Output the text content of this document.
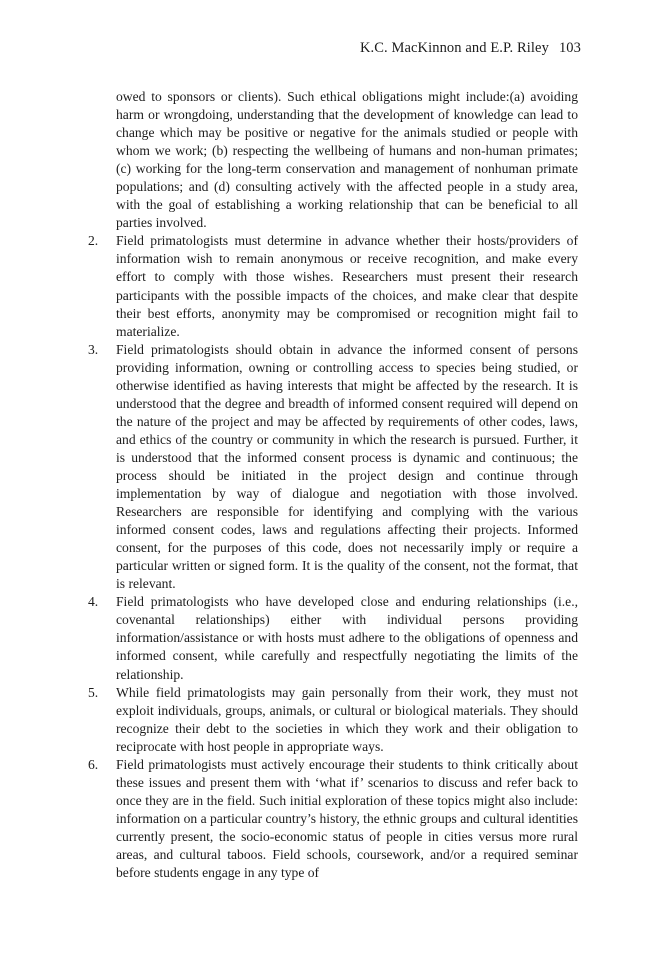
K.C. MacKinnon and E.P. Riley 103

owed to sponsors or clients). Such ethical obligations might include:(a) avoiding harm or wrongdoing, understanding that the development of knowledge can lead to change which may be positive or negative for the animals studied or people with whom we work; (b) respecting the wellbeing of humans and non-human primates; (c) working for the long-term conservation and management of nonhuman primate populations; and (d) consulting actively with the affected people in a study area, with the goal of establishing a working relationship that can be beneficial to all parties involved.

2. Field primatologists must determine in advance whether their hosts/providers of information wish to remain anonymous or receive recognition, and make every effort to comply with those wishes. Researchers must present their research participants with the possible impacts of the choices, and make clear that despite their best efforts, anonymity may be compromised or recognition might fail to materialize.
3. Field primatologists should obtain in advance the informed consent of persons providing information, owning or controlling access to species being studied, or otherwise identified as having interests that might be affected by the research. It is understood that the degree and breadth of informed consent required will depend on the nature of the project and may be affected by requirements of other codes, laws, and ethics of the country or community in which the research is pursued. Further, it is understood that the informed consent process is dynamic and continuous; the process should be initiated in the project design and continue through implementation by way of dialogue and negotiation with those involved. Researchers are responsible for identifying and complying with the various informed consent codes, laws and regulations affecting their projects. Informed consent, for the purposes of this code, does not necessarily imply or require a particular written or signed form. It is the quality of the consent, not the format, that is relevant.
4. Field primatologists who have developed close and enduring relationships (i.e., covenantal relationships) either with individual persons providing information/assistance or with hosts must adhere to the obligations of openness and informed consent, while carefully and respectfully negotiating the limits of the relationship.
5. While field primatologists may gain personally from their work, they must not exploit individuals, groups, animals, or cultural or biological materials. They should recognize their debt to the societies in which they work and their obligation to reciprocate with host people in appropriate ways.
6. Field primatologists must actively encourage their students to think critically about these issues and present them with ‘what if’ scenarios to discuss and refer back to once they are in the field. Such initial exploration of these topics might also include: information on a particular country’s history, the ethnic groups and cultural identities currently present, the socio-economic status of people in cities versus more rural areas, and cultural taboos. Field schools, coursework, and/or a required seminar before students engage in any type of
